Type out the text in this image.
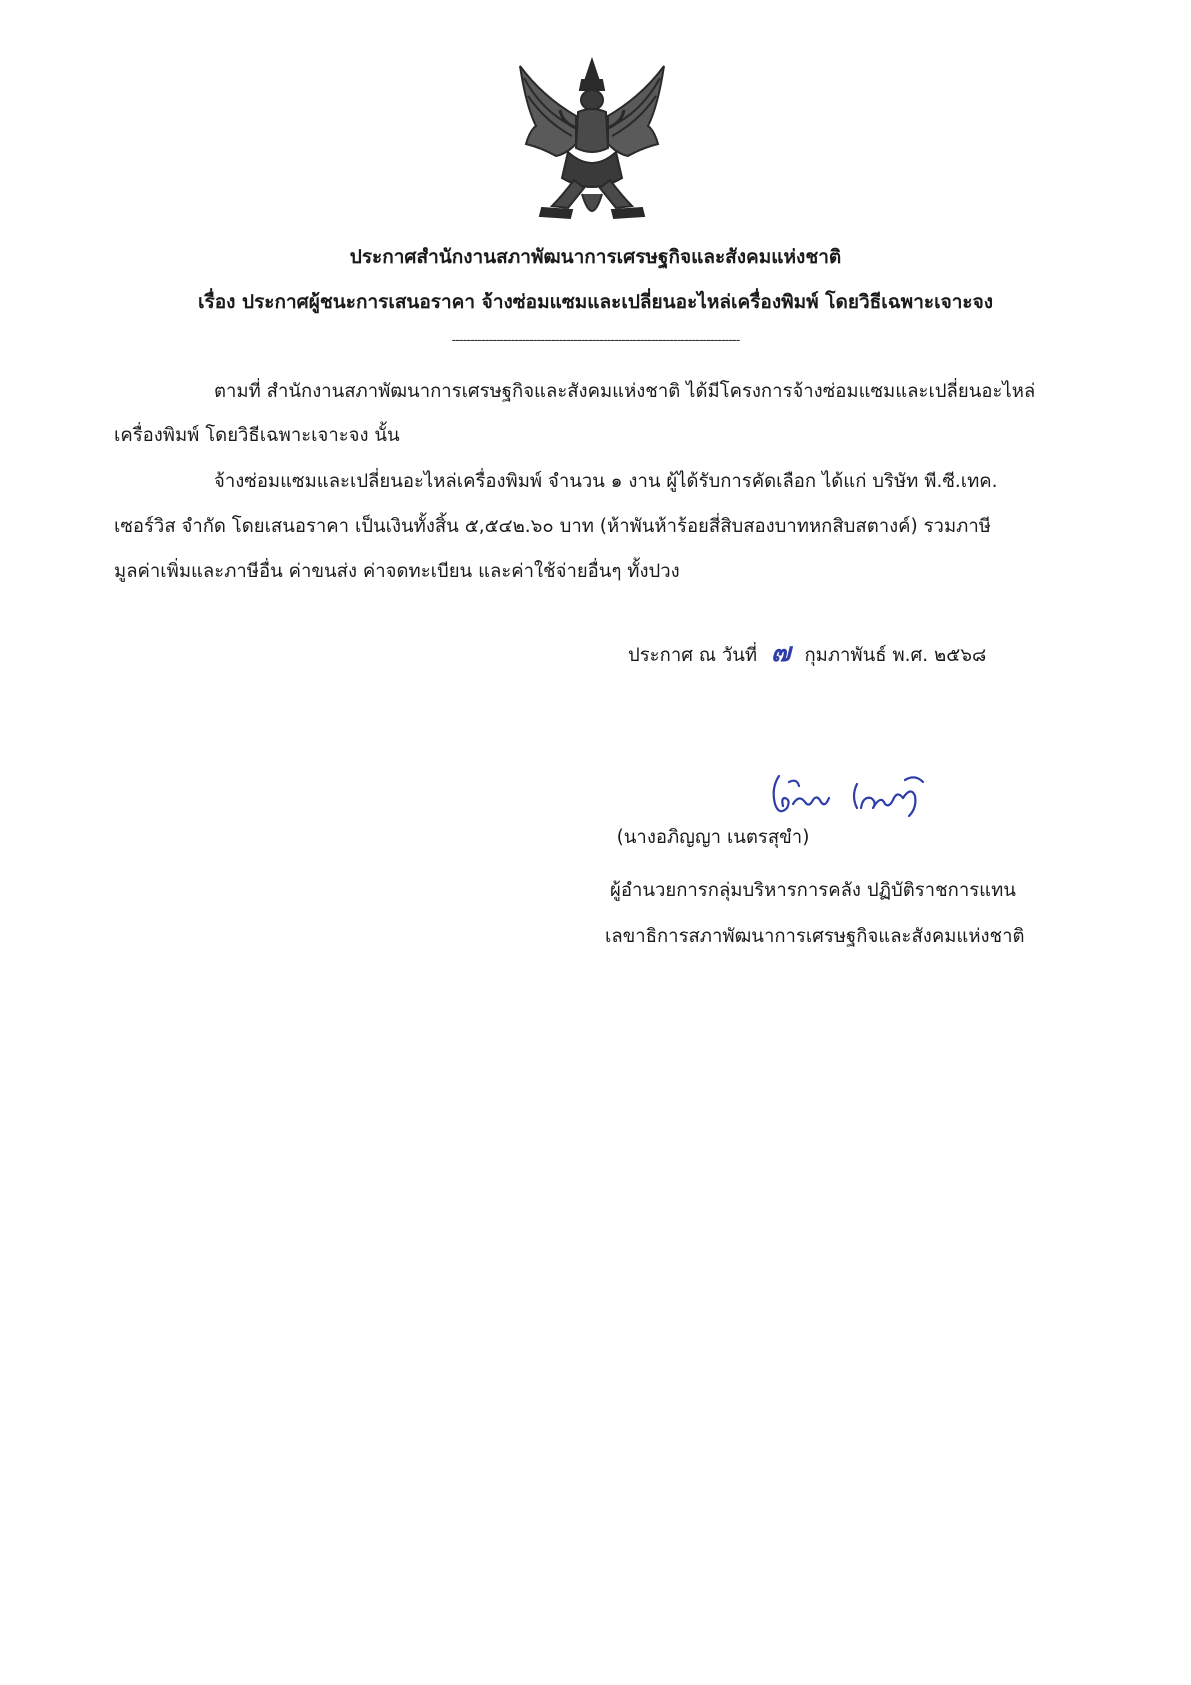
ประกาศสำนักงานสภาพัฒนาการเศรษฐกิจและสังคมแห่งชาติ
เรื่อง ประกาศผู้ชนะการเสนอราคา จ้างซ่อมแซมและเปลี่ยนอะไหล่เครื่องพิมพ์ โดยวิธีเฉพาะเจาะจง
------------------------------------------------------------------------------
ตามที่ สำนักงานสภาพัฒนาการเศรษฐกิจและสังคมแห่งชาติ ได้มีโครงการจ้างซ่อมแซมและเปลี่ยนอะไหล่
เครื่องพิมพ์ โดยวิธีเฉพาะเจาะจง นั้น
จ้างซ่อมแซมและเปลี่ยนอะไหล่เครื่องพิมพ์ จำนวน ๑ งาน ผู้ได้รับการคัดเลือก ได้แก่ บริษัท พี.ซี.เทค.
เซอร์วิส จำกัด โดยเสนอราคา เป็นเงินทั้งสิ้น ๕,๕๔๒.๖๐ บาท (ห้าพันห้าร้อยสี่สิบสองบาทหกสิบสตางค์) รวมภาษี
มูลค่าเพิ่มและภาษีอื่น ค่าขนส่ง ค่าจดทะเบียน และค่าใช้จ่ายอื่นๆ ทั้งปวง
ประกาศ ณ วันที่ ๗ กุมภาพันธ์ พ.ศ. ๒๕๖๘
(นางอภิญญา เนตรสุขำ)
ผู้อำนวยการกลุ่มบริหารการคลัง ปฏิบัติราชการแทน
เลขาธิการสภาพัฒนาการเศรษฐกิจและสังคมแห่งชาติ
